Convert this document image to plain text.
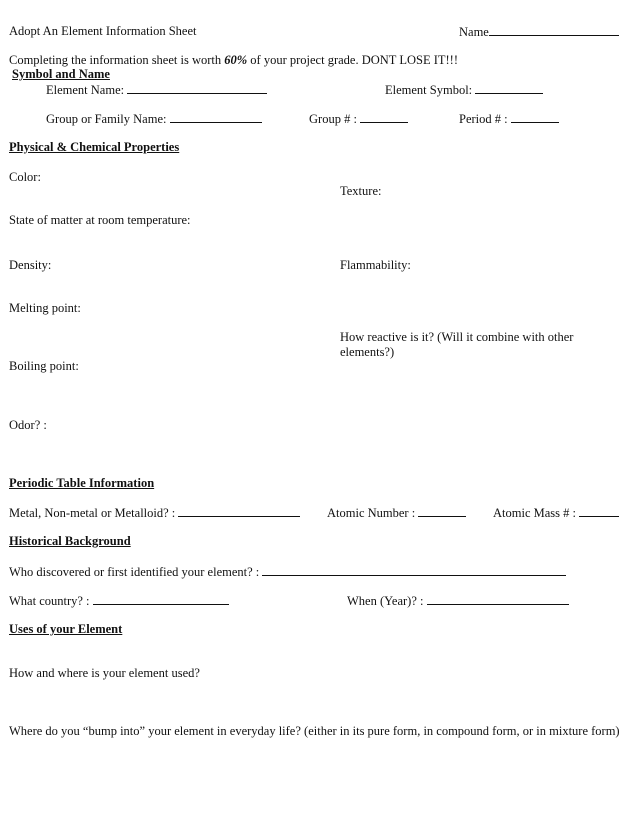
Adopt An Element Information Sheet	Name
Completing the information sheet is worth 60% of your project grade. DONT LOSE IT!!!
Symbol and Name
Element Name:	Element Symbol:
Group or Family Name:	Group # :	Period # :
Physical & Chemical Properties
Color:
Texture:
State of matter at room temperature:
Density:	Flammability:
Melting point:
How reactive is it? (Will it combine with other elements?)
Boiling point:
Odor? :
Periodic Table Information
Metal, Non-metal or Metalloid? :	Atomic Number :	Atomic Mass # :
Historical Background
Who discovered or first identified your element? :
What country? :	When (Year)? :
Uses of your Element
How and where is your element used?
Where do you “bump into” your element in everyday life? (either in its pure form, in compound form, or in mixture form)
